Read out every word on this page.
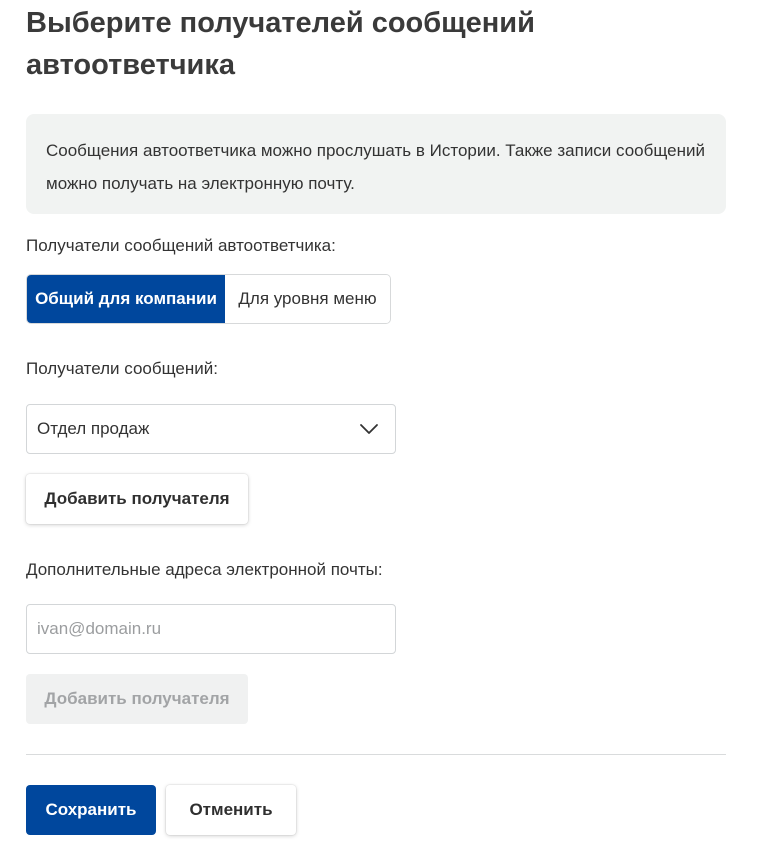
Выберите получателей сообщений автоответчика
Сообщения автоответчика можно прослушать в Истории. Также записи сообщений можно получать на электронную почту.
Получатели сообщений автоответчика:
Общий для компании	Для уровня меню
Получатели сообщений:
Отдел продаж
Добавить получателя
Дополнительные адреса электронной почты:
ivan@domain.ru
Добавить получателя
Сохранить	Отменить
